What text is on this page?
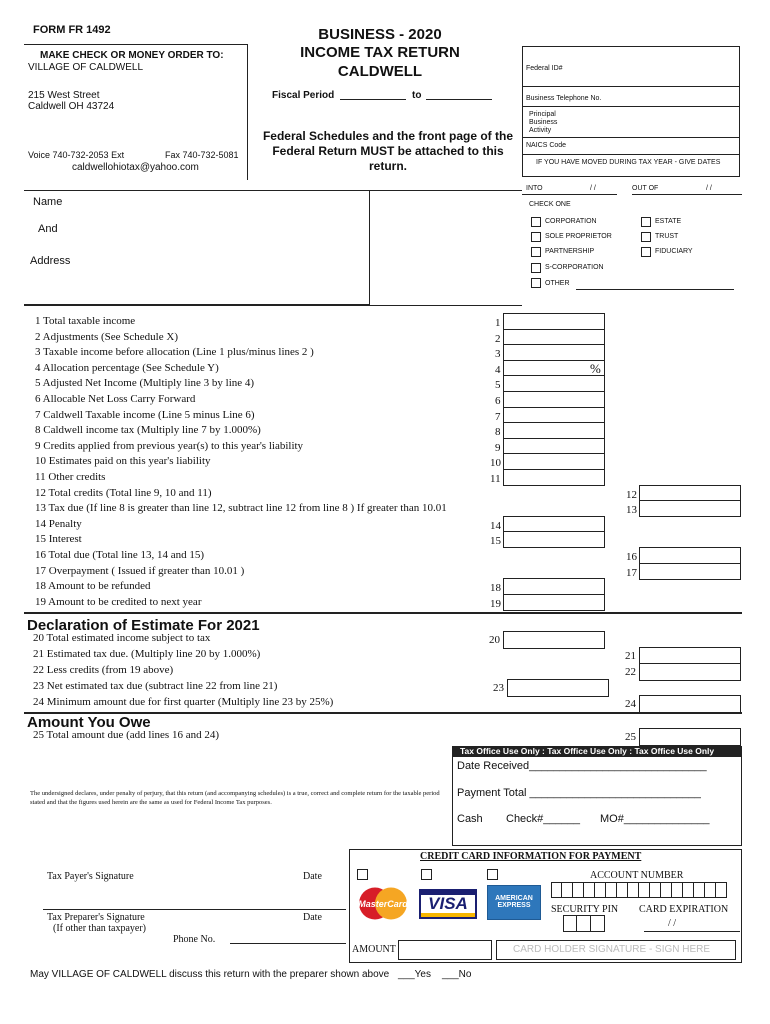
FORM FR 1492
MAKE CHECK OR MONEY ORDER TO:
VILLAGE OF CALDWELL
215 West Street
Caldwell OH 43724
Voice 740-732-2053 Ext	Fax 740-732-5081
caldwellohiotax@yahoo.com
BUSINESS - 2020
INCOME TAX RETURN
CALDWELL
Fiscal Period	to
Federal Schedules and the front page of the Federal Return MUST be attached to this return.
Federal ID#
Business Telephone No.
Principal
Business
Activity
NAICS Code
IF YOU HAVE MOVED DURING TAX YEAR - GIVE DATES
INTO	/ /	OUT OF	/ /
CHECK ONE
CORPORATION
SOLE PROPRIETOR
PARTNERSHIP
S-CORPORATION
OTHER
ESTATE
TRUST
FIDUCIARY
Name
And
Address
1 Total taxable income
2 Adjustments (See Schedule X)
3 Taxable income before allocation (Line 1 plus/minus lines 2 )
4 Allocation percentage (See Schedule Y)
5 Adjusted Net Income (Multiply line 3 by line 4)
6 Allocable Net Loss Carry Forward
7 Caldwell Taxable income (Line 5 minus Line 6)
8 Caldwell income tax (Multiply line 7 by 1.000%)
9 Credits applied from previous year(s) to this year's liability
10 Estimates paid on this year's liability
11 Other credits
12 Total credits (Total line 9, 10 and 11)
13 Tax due (If line 8 is greater than line 12, subtract line 12 from line 8 ) If greater than 10.01
14 Penalty
15 Interest
16 Total due (Total line 13, 14 and 15)
17 Overpayment ( Issued if greater than 10.01 )
18 Amount to be refunded
19 Amount to be credited to next year
1
2
3
4
5
6
7
8
9
10
11
12
13
14
15
16
17
18
19
%
Declaration of Estimate For 2021
20 Total estimated income subject to tax
21 Estimated tax due. (Multiply line 20 by 1.000%)
22 Less credits (from 19 above)
23 Net estimated tax due (subtract line 22 from line 21)
24 Minimum amount due for first quarter (Multiply line 23 by 25%)
20
21
22
23
24
Amount You Owe
25 Total amount due (add lines 16 and 24)	25
Tax Office Use Only : Tax Office Use Only : Tax Office Use Only
Date Received_____________________________
Payment Total ____________________________
Cash Check#______ MO#______________
The undersigned declares, under penalty of perjury, that this return (and accompanying schedules) is a true, correct and complete return for the taxable period stated and that the figures used herein are the same as used for Federal Income Tax purposes.
Tax Payer's Signature	Date
Tax Preparer's Signature
(If other than taxpayer)
Date
Phone No.
CREDIT CARD INFORMATION FOR PAYMENT
MasterCard	VISA	AMERICAN
EXPRESS
ACCOUNT NUMBER
SECURITY PIN CARD EXPIRATION
/ /
AMOUNT	CARD HOLDER SIGNATURE - SIGN HERE
May VILLAGE OF CALDWELL discuss this return with the preparer shown above ___Yes ___No
